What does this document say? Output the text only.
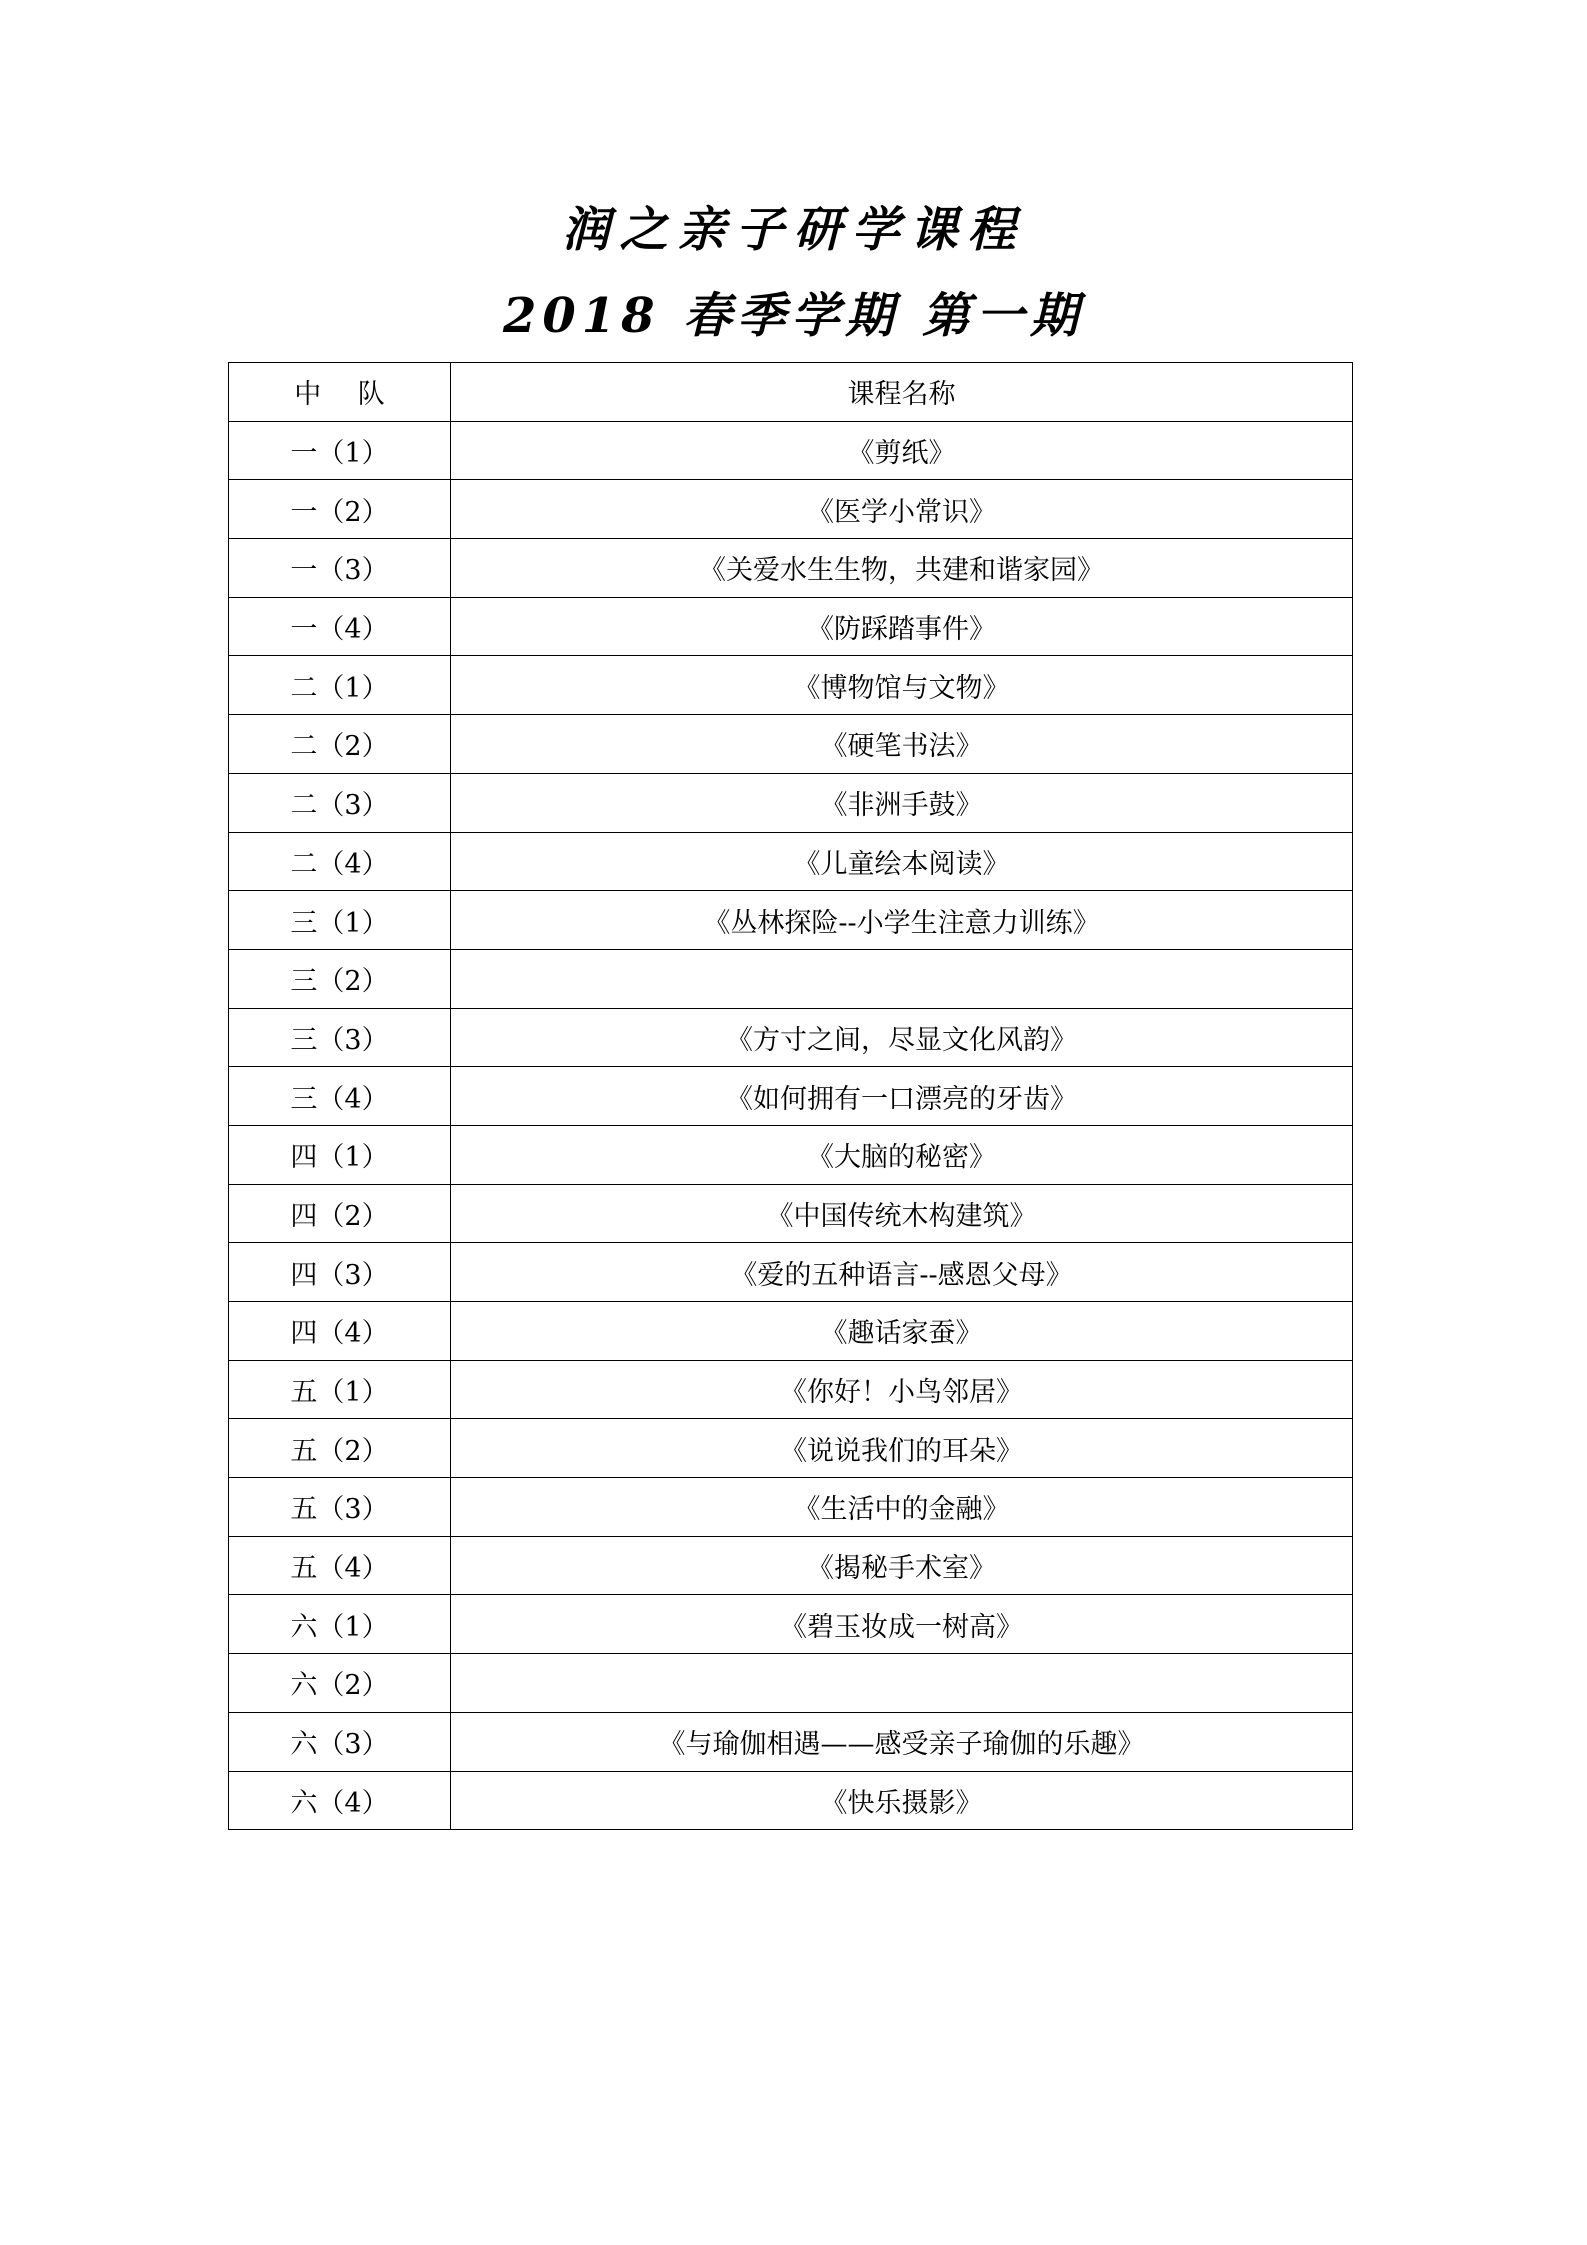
润之亲子研学课程
2018 春季学期 第一期
中 队	课程名称
一（1）	《剪纸》
一（2）	《医学小常识》
一（3）	《关爱水生生物，共建和谐家园》
一（4）	《防踩踏事件》
二（1）	《博物馆与文物》
二（2）	《硬笔书法》
二（3）	《非洲手鼓》
二（4）	《儿童绘本阅读》
三（1）	《丛林探险--小学生注意力训练》
三（2）	
三（3）	《方寸之间，尽显文化风韵》
三（4）	《如何拥有一口漂亮的牙齿》
四（1）	《大脑的秘密》
四（2）	《中国传统木构建筑》
四（3）	《爱的五种语言--感恩父母》
四（4）	《趣话家蚕》
五（1）	《你好！小鸟邻居》
五（2）	《说说我们的耳朵》
五（3）	《生活中的金融》
五（4）	《揭秘手术室》
六（1）	《碧玉妆成一树高》
六（2）	
六（3）	《与瑜伽相遇——感受亲子瑜伽的乐趣》
六（4）	《快乐摄影》
